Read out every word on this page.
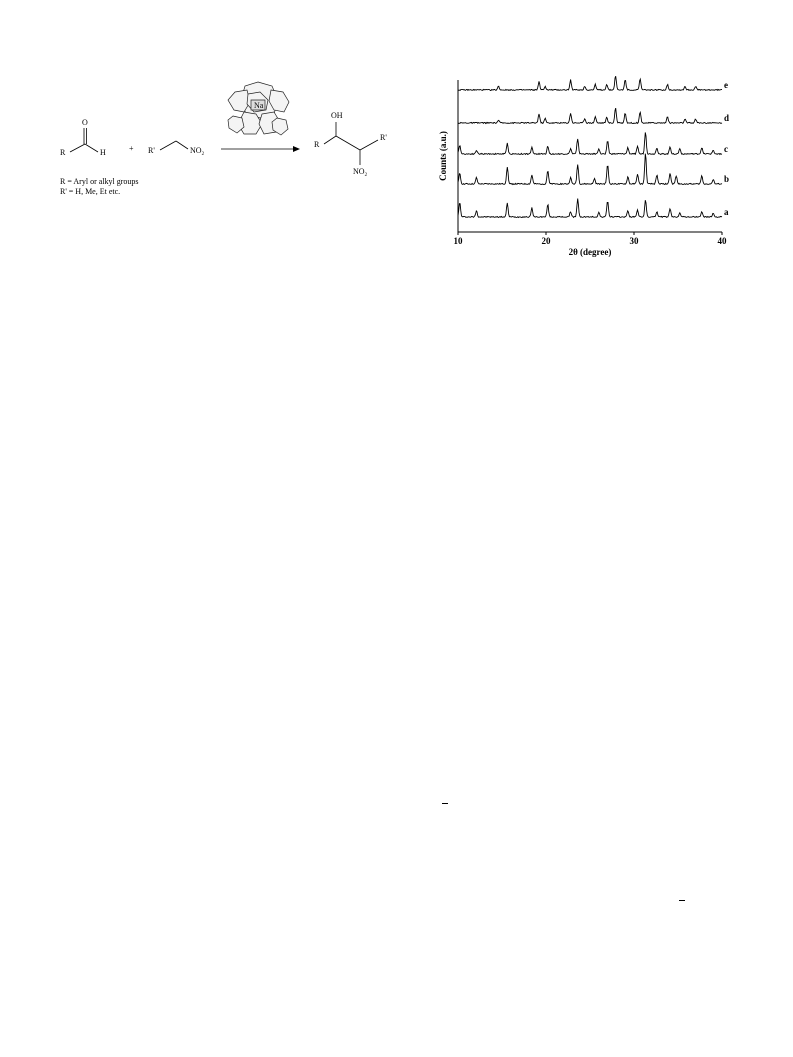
Na
R
O
H	+ R'	$NO_2$
OH
R
R'
$NO_2$
R = Aryl or alkyl groups
R' = H, Me, Et etc.
10	20	30	40
2θ (degree)
Counts (a.u.)
a
b
c
d
e
